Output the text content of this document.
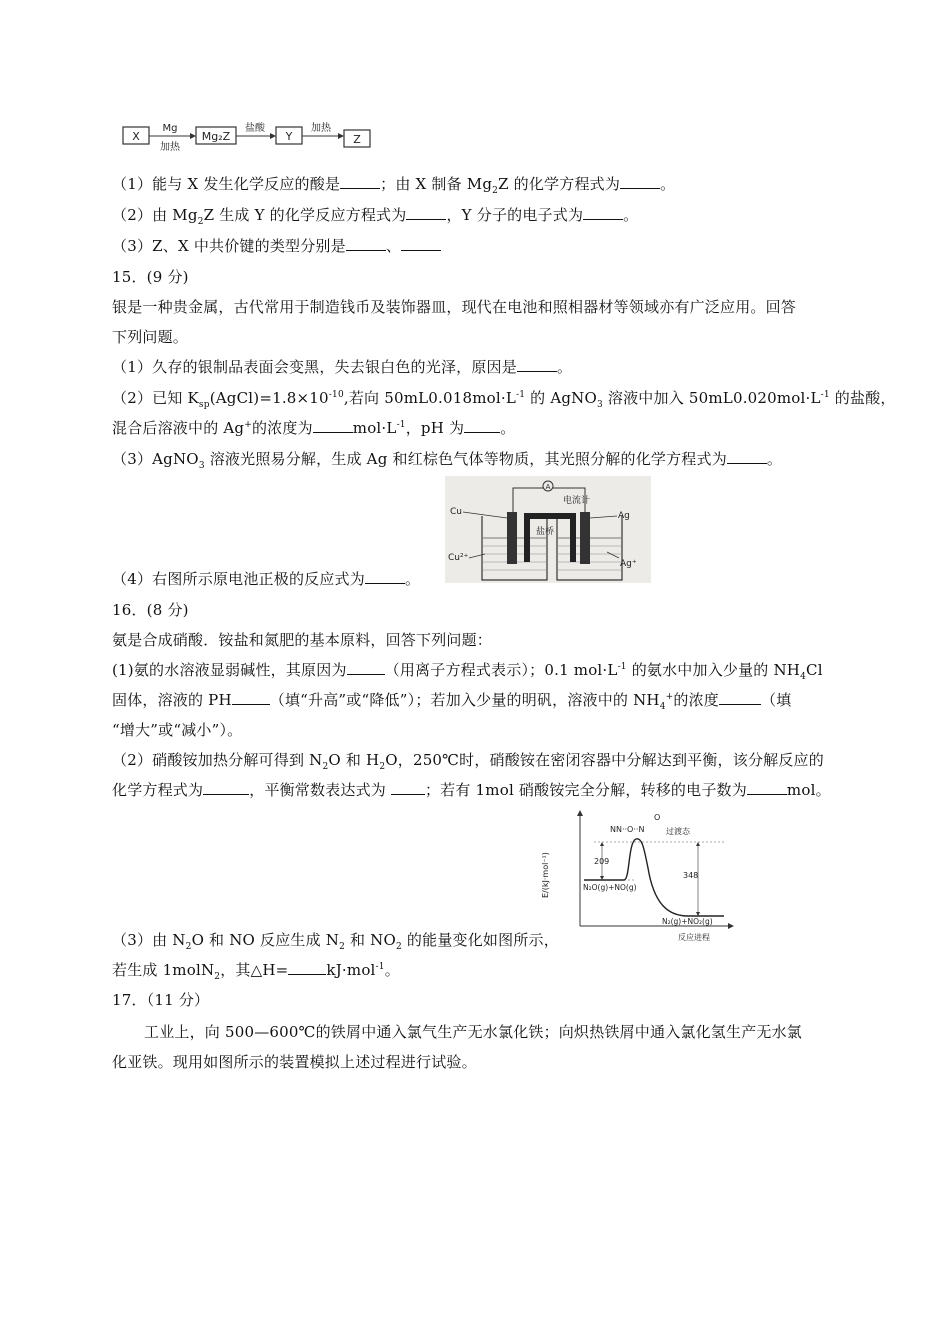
X
Mg
加热
Mg₂Z
盐酸
Y
加热
Z
（1）能与 X 发生化学反应的酸是	；由 X 制备 $Mg_2Z$ 的化学方程式为	。
（2）由 $Mg_2Z$ 生成 Y 的化学反应方程式为	，Y 分子的电子式为	。
（3）Z、X 中共价键的类型分别是	、
15．(9 分)
银是一种贵金属，古代常用于制造钱币及装饰器皿，现代在电池和照相器材等领域亦有广泛应用。回答
下列问题。
（1）久存的银制品表面会变黑，失去银白色的光泽，原因是	。
（2）已知 $K_{sp}(AgCl)=1.8\times 10^{-10}$,若向 $50mL0.018mol\cdot L^{-1}$ 的 AgNO$_3$ 溶液中加入 $50mL0.020mol\cdot L^{-1}$ 的盐酸，
混合后溶液中的 Ag+的浓度为	$mol\cdot L^{-1}$，pH 为 。
（3）AgNO$_3$ 溶液光照易分解，生成 Ag 和红棕色气体等物质，其光照分解的化学方程式为	。
A
电流计
盐桥
Cu
Cu²⁺
Ag
Ag⁺
（4）右图所示原电池正极的反应式为	。
16．(8 分)
氨是合成硝酸．铵盐和氮肥的基本原料，回答下列问题：
(1)氨的水溶液显弱碱性，其原因为	（用离子方程式表示）；0.1 $mol\cdot L^{-1}$ 的氨水中加入少量的 $NH_4Cl$
固体，溶液的 PH	（填“升高”或“降低”）；若加入少量的明矾，溶液中的 $NH_4^+$的浓度	（填
“增大”或“减小”）。
（2）硝酸铵加热分解可得到 $N_2O$ 和 $H_2O$，250℃时，硝酸铵在密闭容器中分解达到平衡，该分解反应的
化学方程式为	，平衡常数表达式为 ；若有 1mol 硝酸铵完全分解，转移的电子数为	mol。
E/(kJ·mol⁻¹)
反应进程
209
348
NN··O··N
O
过渡态
N₂O(g)+NO(g)
N₂(g)+NO₂(g)
（3）由 $N_2O$ 和 NO 反应生成 $N_2$ 和 $NO_2$ 的能量变化如图所示，
若生成 1molN$_2$，其△H=	kJ·mol$^{-1}$。
17．（11 分）
工业上，向 500—600℃的铁屑中通入氯气生产无水氯化铁；向炽热铁屑中通入氯化氢生产无水氯
化亚铁。现用如图所示的装置模拟上述过程进行试验。
